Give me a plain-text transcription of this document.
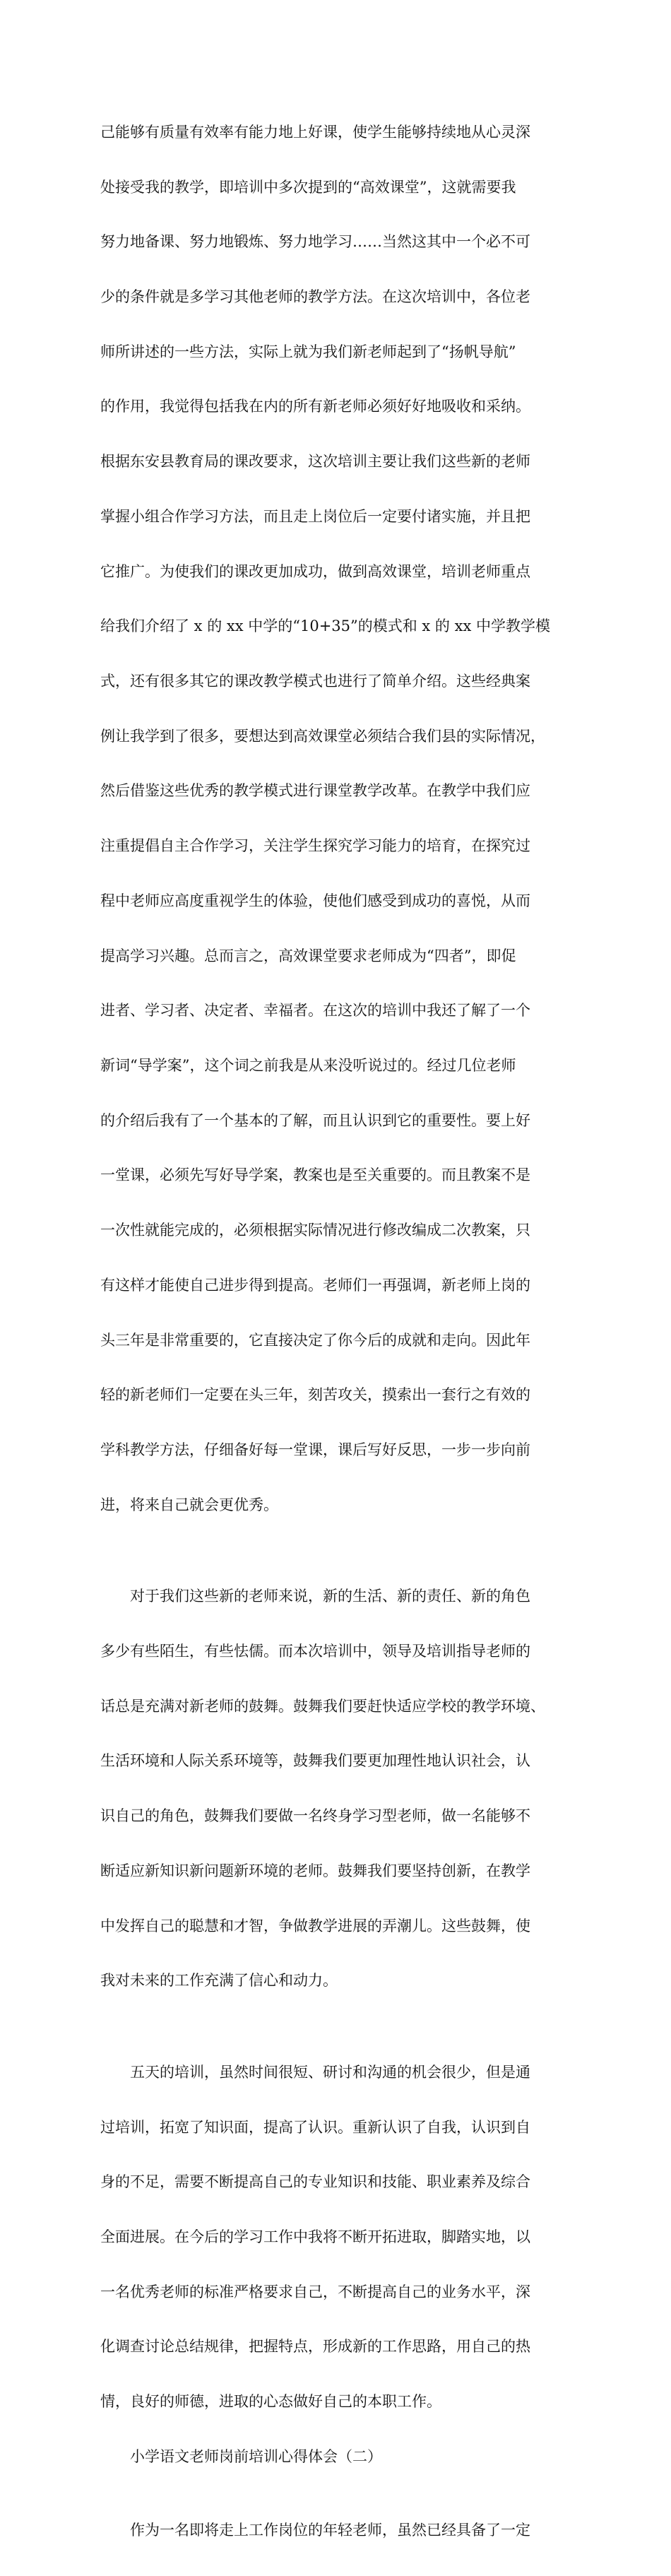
己能够有质量有效率有能力地上好课，使学生能够持续地从心灵深

处接受我的教学，即培训中多次提到的“高效课堂”，这就需要我

努力地备课、努力地锻炼、努力地学习……当然这其中一个必不可

少的条件就是多学习其他老师的教学方法。在这次培训中，各位老

师所讲述的一些方法，实际上就为我们新老师起到了“扬帆导航”

的作用，我觉得包括我在内的所有新老师必须好好地吸收和采纳。

根据东安县教育局的课改要求，这次培训主要让我们这些新的老师

掌握小组合作学习方法，而且走上岗位后一定要付诸实施，并且把

它推广。为使我们的课改更加成功，做到高效课堂，培训老师重点

给我们介绍了 x 的 xx 中学的“10+35”的模式和 x 的 xx 中学教学模

式，还有很多其它的课改教学模式也进行了简单介绍。这些经典案

例让我学到了很多，要想达到高效课堂必须结合我们县的实际情况，

然后借鉴这些优秀的教学模式进行课堂教学改革。在教学中我们应

注重提倡自主合作学习，关注学生探究学习能力的培育，在探究过

程中老师应高度重视学生的体验，使他们感受到成功的喜悦，从而

提高学习兴趣。总而言之，高效课堂要求老师成为“四者”，即促

进者、学习者、决定者、幸福者。在这次的培训中我还了解了一个

新词“导学案”，这个词之前我是从来没听说过的。经过几位老师

的介绍后我有了一个基本的了解，而且认识到它的重要性。要上好

一堂课，必须先写好导学案，教案也是至关重要的。而且教案不是

一次性就能完成的，必须根据实际情况进行修改编成二次教案，只

有这样才能使自己进步得到提高。老师们一再强调，新老师上岗的

头三年是非常重要的，它直接决定了你今后的成就和走向。因此年

轻的新老师们一定要在头三年，刻苦攻关，摸索出一套行之有效的

学科教学方法，仔细备好每一堂课，课后写好反思，一步一步向前

进，将来自己就会更优秀。

对于我们这些新的老师来说，新的生活、新的责任、新的角色

多少有些陌生，有些怯儒。而本次培训中，领导及培训指导老师的

话总是充满对新老师的鼓舞。鼓舞我们要赶快适应学校的教学环境、

生活环境和人际关系环境等，鼓舞我们要更加理性地认识社会，认

识自己的角色，鼓舞我们要做一名终身学习型老师，做一名能够不

断适应新知识新问题新环境的老师。鼓舞我们要坚持创新，在教学

中发挥自己的聪慧和才智，争做教学进展的弄潮儿。这些鼓舞，使

我对未来的工作充满了信心和动力。

五天的培训，虽然时间很短、研讨和沟通的机会很少，但是通

过培训，拓宽了知识面，提高了认识。重新认识了自我，认识到自

身的不足，需要不断提高自己的专业知识和技能、职业素养及综合

全面进展。在今后的学习工作中我将不断开拓进取，脚踏实地，以

一名优秀老师的标准严格要求自己，不断提高自己的业务水平，深

化调查讨论总结规律，把握特点，形成新的工作思路，用自己的热

情，良好的师德，进取的心态做好自己的本职工作。

小学语文老师岗前培训心得体会（二）

作为一名即将走上工作岗位的年轻老师，虽然已经具备了一定
